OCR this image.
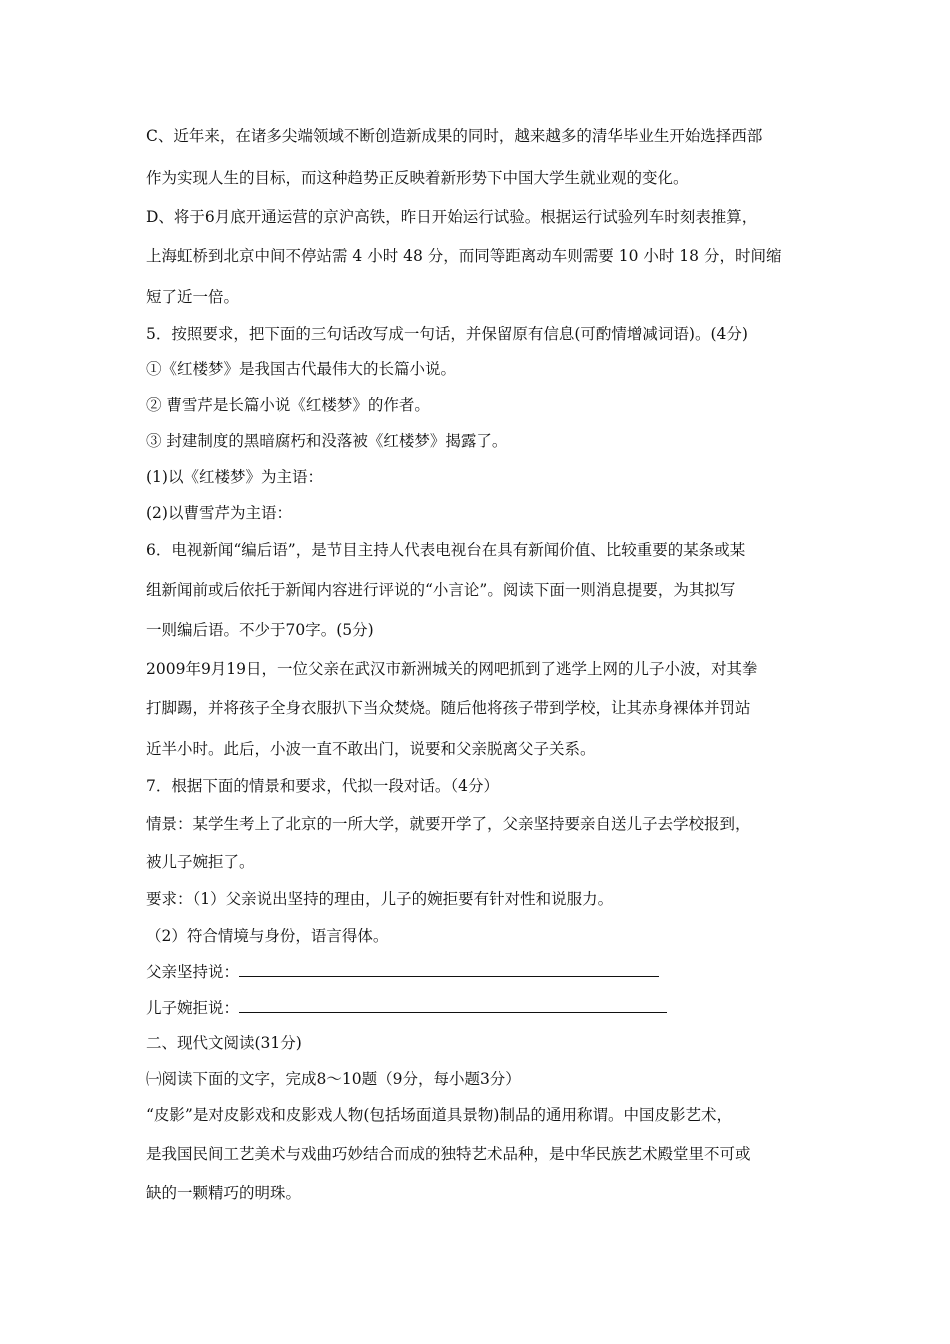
C、近年来，在诸多尖端领域不断创造新成果的同时，越来越多的清华毕业生开始选择西部
作为实现人生的目标，而这种趋势正反映着新形势下中国大学生就业观的变化。
D、将于6月底开通运营的京沪高铁，昨日开始运行试验。根据运行试验列车时刻表推算，
上海虹桥到北京中间不停站需 4 小时 48 分，而同等距离动车则需要 10 小时 18 分，时间缩
短了近一倍。
5．按照要求，把下面的三句话改写成一句话，并保留原有信息(可酌情增减词语)。(4分)
①《红楼梦》是我国古代最伟大的长篇小说。
② 曹雪芹是长篇小说《红楼梦》的作者。
③ 封建制度的黑暗腐朽和没落被《红楼梦》揭露了。
(1)以《红楼梦》为主语：
(2)以曹雪芹为主语：
6．电视新闻“编后语”，是节目主持人代表电视台在具有新闻价值、比较重要的某条或某
组新闻前或后依托于新闻内容进行评说的“小言论”。阅读下面一则消息提要，为其拟写
一则编后语。不少于70字。(5分)
2009年9月19日，一位父亲在武汉市新洲城关的网吧抓到了逃学上网的儿子小波，对其拳
打脚踢，并将孩子全身衣服扒下当众焚烧。随后他将孩子带到学校，让其赤身裸体并罚站
近半小时。此后，小波一直不敢出门，说要和父亲脱离父子关系。
7．根据下面的情景和要求，代拟一段对话。（4分）
情景：某学生考上了北京的一所大学，就要开学了，父亲坚持要亲自送儿子去学校报到，
被儿子婉拒了。
要求：（1）父亲说出坚持的理由，儿子的婉拒要有针对性和说服力。
（2）符合情境与身份，语言得体。
父亲坚持说：
儿子婉拒说：
二、现代文阅读(31分)
㈠阅读下面的文字，完成8～10题（9分，每小题3分）
“皮影”是对皮影戏和皮影戏人物(包括场面道具景物)制品的通用称谓。中国皮影艺术，
是我国民间工艺美术与戏曲巧妙结合而成的独特艺术品种，是中华民族艺术殿堂里不可或
缺的一颗精巧的明珠。
